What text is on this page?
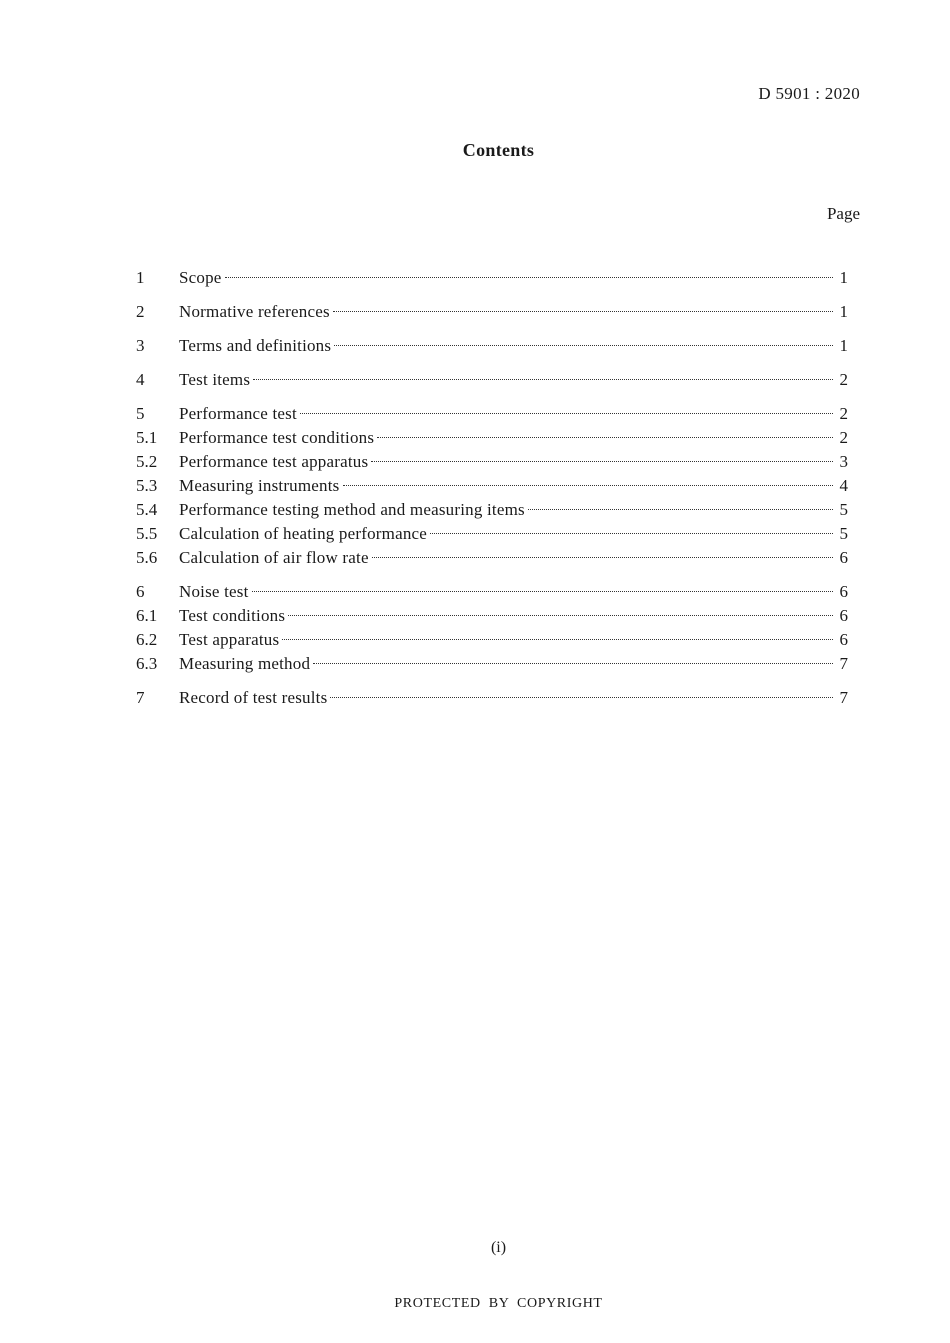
D 5901 : 2020
Contents
Page
1	Scope	1
2	Normative references	1
3	Terms and definitions	1
4	Test items	2
5	Performance test	2
5.1	Performance test conditions	2
5.2	Performance test apparatus	3
5.3	Measuring instruments	4
5.4	Performance testing method and measuring items	5
5.5	Calculation of heating performance	5
5.6	Calculation of air flow rate	6
6	Noise test	6
6.1	Test conditions	6
6.2	Test apparatus	6
6.3	Measuring method	7
7	Record of test results	7
(i)
PROTECTED BY COPYRIGHT
